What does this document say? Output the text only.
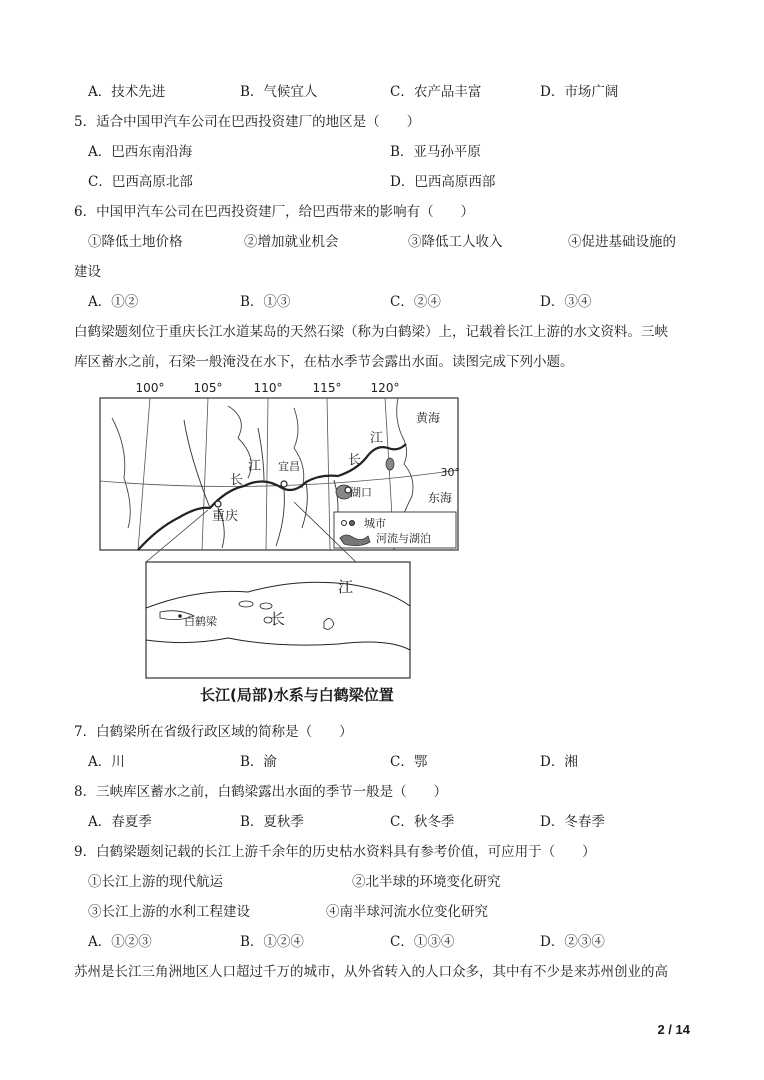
A．技术先进	B．气候宜人	C．农产品丰富	D．市场广阔
5．适合中国甲汽车公司在巴西投资建厂的地区是（　　）
A．巴西东南沿海	B．亚马孙平原
C．巴西高原北部	D．巴西高原西部
6．中国甲汽车公司在巴西投资建厂，给巴西带来的影响有（　　）
①降低土地价格	②增加就业机会	③降低工人收入	④促进基础设施的
建设
A．①②	B．①③	C．②④	D．③④
白鹤梁题刻位于重庆长江水道某岛的天然石梁（称为白鹤梁）上，记载着长江上游的水文资料。三峡
库区蓄水之前，石梁一般淹没在水下，在枯水季节会露出水面。读图完成下列小题。
100° 105°	110°	115° 120°
30°
黄海
东海
宜昌
湖口
重庆
长
江	长
江
城市
河流与湖泊
白鹤梁
江
长
长江(局部)水系与白鹤梁位置
7．白鹤梁所在省级行政区域的简称是（　　）
A．川	B．渝	C．鄂	D．湘
8．三峡库区蓄水之前，白鹤梁露出水面的季节一般是（　　）
A．春夏季	B．夏秋季	C．秋冬季	D．冬春季
9．白鹤梁题刻记载的长江上游千余年的历史枯水资料具有参考价值，可应用于（　　）
①长江上游的现代航运	②北半球的环境变化研究
③长江上游的水利工程建设	④南半球河流水位变化研究
A．①②③	B．①②④	C．①③④	D．②③④
苏州是长江三角洲地区人口超过千万的城市，从外省转入的人口众多，其中有不少是来苏州创业的高
2 / 14
